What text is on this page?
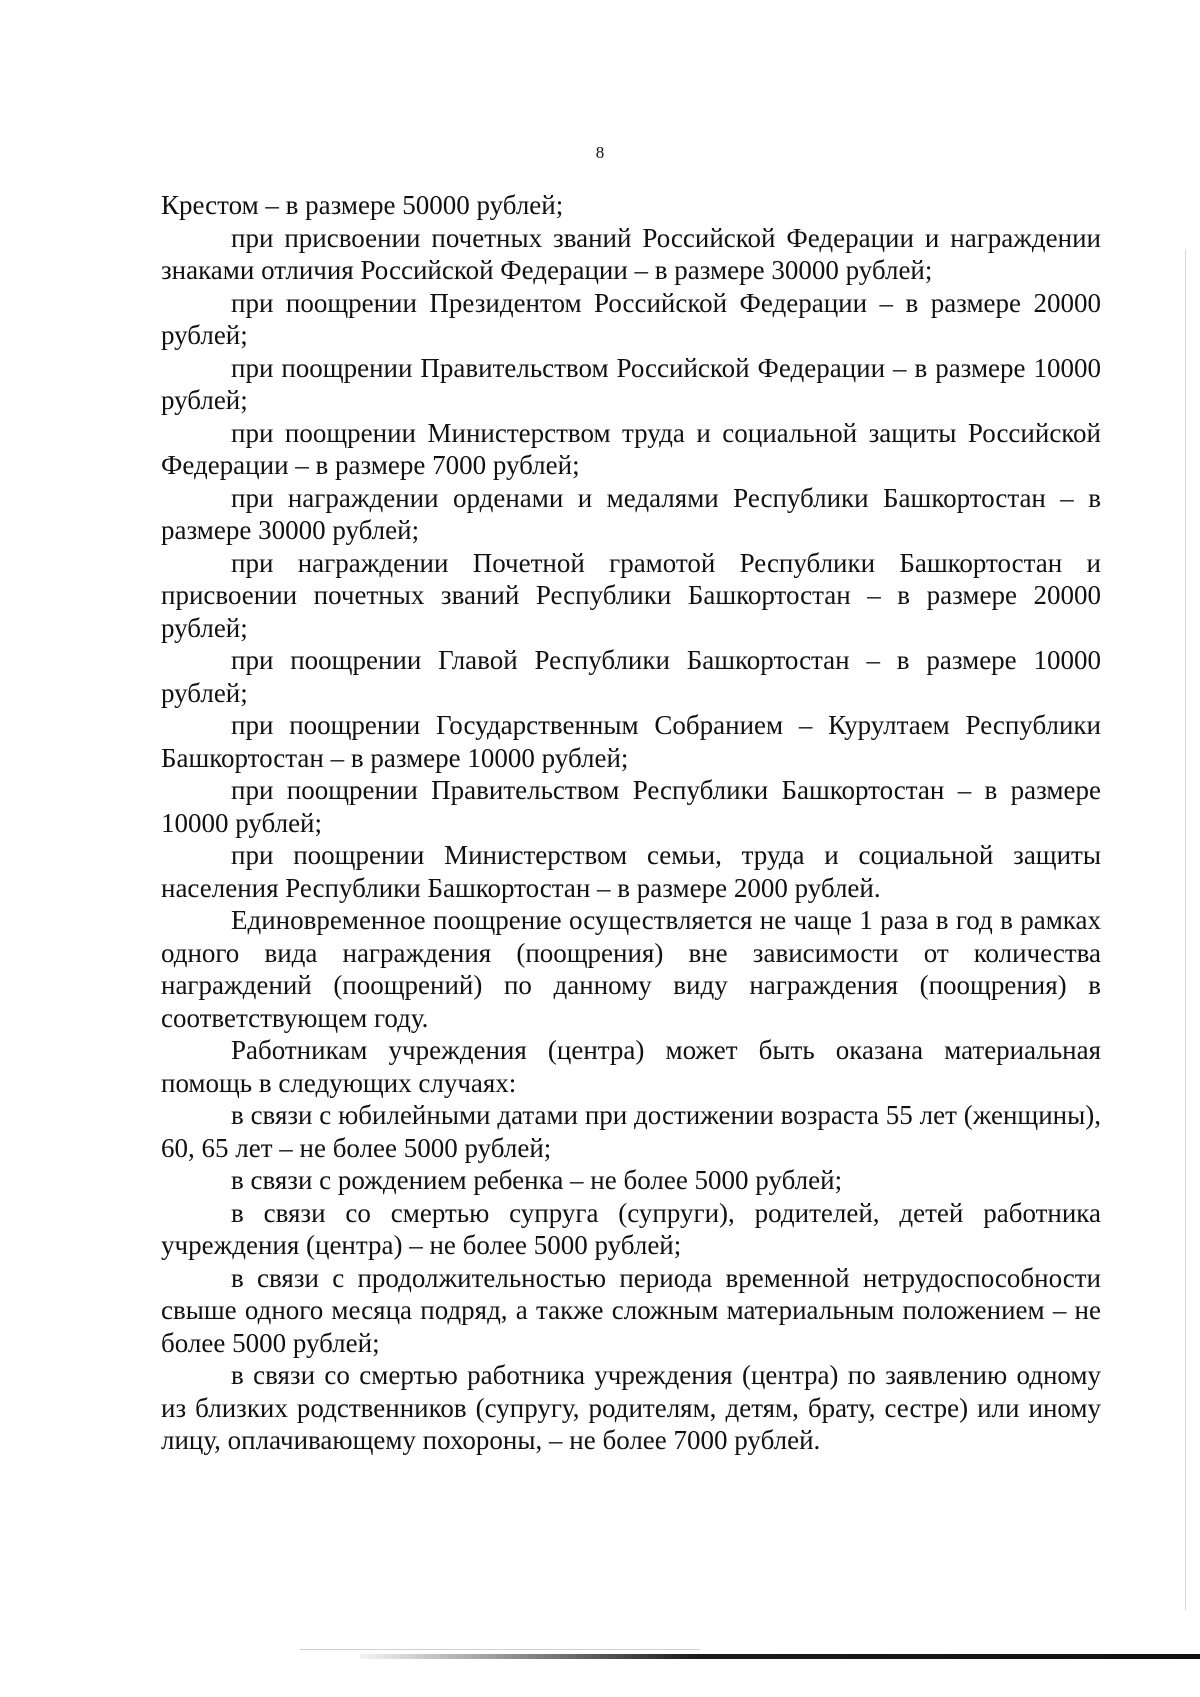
8

Крестом – в размере 50000 рублей;

при присвоении почетных званий Российской Федерации и награждении знаками отличия Российской Федерации – в размере 30000 рублей;

при поощрении Президентом Российской Федерации – в размере 20000 рублей;

при поощрении Правительством Российской Федерации – в размере 10000 рублей;

при поощрении Министерством труда и социальной защиты Российской Федерации – в размере 7000 рублей;

при награждении орденами и медалями Республики Башкортостан – в размере 30000 рублей;

при награждении Почетной грамотой Республики Башкортостан и присвоении почетных званий Республики Башкортостан – в размере 20000 рублей;

при поощрении Главой Республики Башкортостан – в размере 10000 рублей;

при поощрении Государственным Собранием – Курултаем Республики Башкортостан – в размере 10000 рублей;

при поощрении Правительством Республики Башкортостан – в размере 10000 рублей;

при поощрении Министерством семьи, труда и социальной защиты населения Республики Башкортостан – в размере 2000 рублей.

Единовременное поощрение осуществляется не чаще 1 раза в год в рамках одного вида награждения (поощрения) вне зависимости от количества награждений (поощрений) по данному виду награждения (поощрения) в соответствующем году.

Работникам учреждения (центра) может быть оказана материальная помощь в следующих случаях:

в связи с юбилейными датами при достижении возраста 55 лет (женщины), 60, 65 лет – не более 5000 рублей;

в связи с рождением ребенка – не более 5000 рублей;

в связи со смертью супруга (супруги), родителей, детей работника учреждения (центра) – не более 5000 рублей;

в связи с продолжительностью периода временной нетрудоспособности свыше одного месяца подряд, а также сложным материальным положением – не более 5000 рублей;

в связи со смертью работника учреждения (центра) по заявлению одному из близких родственников (супругу, родителям, детям, брату, сестре) или иному лицу, оплачивающему похороны, – не более 7000 рублей.
